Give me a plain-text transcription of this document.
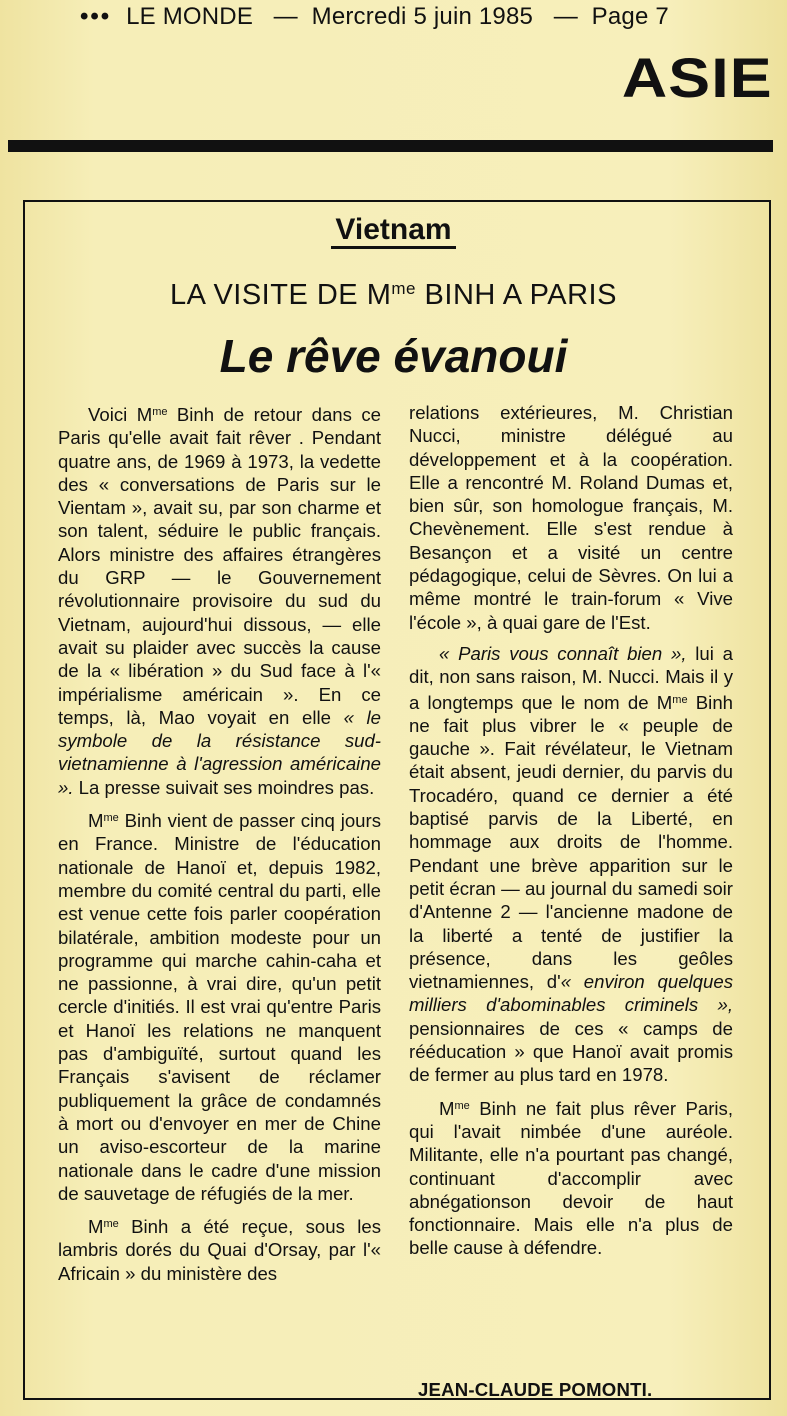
••• LE MONDE — Mercredi 5 juin 1985 — Page 7
ASIE
Vietnam
LA VISITE DE $M^{me}$ BINH A PARIS
Le rêve évanoui

Voici $M^{me}$ Binh de retour dans ce Paris qu'elle avait fait rêver . Pendant quatre ans, de 1969 à 1973, la vedette des « conversations de Paris sur le Vientam », avait su, par son charme et son talent, séduire le public français. Alors ministre des affaires étrangères du GRP — le Gouvernement révolutionnaire provisoire du sud du Vietnam, aujourd'hui dissous, — elle avait su plaider avec succès la cause de la « libération » du Sud face à l'« impérialisme américain ». En ce temps, là, Mao voyait en elle « le symbole de la résistance sud-vietnamienne à l'agression américaine ». La presse suivait ses moindres pas.

$M^{me}$ Binh vient de passer cinq jours en France. Ministre de l'éducation nationale de Hanoï et, depuis 1982, membre du comité central du parti, elle est venue cette fois parler coopération bilatérale, ambition modeste pour un programme qui marche cahin-caha et ne passionne, à vrai dire, qu'un petit cercle d'initiés. Il est vrai qu'entre Paris et Hanoï les relations ne manquent pas d'ambiguïté, surtout quand les Français s'avisent de réclamer publiquement la grâce de condamnés à mort ou d'envoyer en mer de Chine un aviso-escorteur de la marine nationale dans le cadre d'une mission de sauvetage de réfugiés de la mer.

$M^{me}$ Binh a été reçue, sous les lambris dorés du Quai d'Orsay, par l'« Africain » du ministère des

relations extérieures, M. Christian Nucci, ministre délégué au développement et à la coopération. Elle a rencontré M. Roland Dumas et, bien sûr, son homologue français, M. Chevènement. Elle s'est rendue à Besançon et a visité un centre pédagogique, celui de Sèvres. On lui a même montré le train-forum « Vive l'école », à quai gare de l'Est.

« Paris vous connaît bien », lui a dit, non sans raison, M. Nucci. Mais il y a longtemps que le nom de $M^{me}$ Binh ne fait plus vibrer le « peuple de gauche ». Fait révélateur, le Vietnam était absent, jeudi dernier, du parvis du Trocadéro, quand ce dernier a été baptisé parvis de la Liberté, en hommage aux droits de l'homme. Pendant une brève apparition sur le petit écran — au journal du samedi soir d'Antenne 2 — l'ancienne madone de la liberté a tenté de justifier la présence, dans les geôles vietnamiennes, d'« environ quelques milliers d'abominables criminels », pensionnaires de ces « camps de rééducation » que Hanoï avait promis de fermer au plus tard en 1978.

$M^{me}$ Binh ne fait plus rêver Paris, qui l'avait nimbée d'une auréole. Militante, elle n'a pourtant pas changé, continuant d'accomplir avec abnégationson devoir de haut fonctionnaire. Mais elle n'a plus de belle cause à défendre.

JEAN-CLAUDE POMONTI.
